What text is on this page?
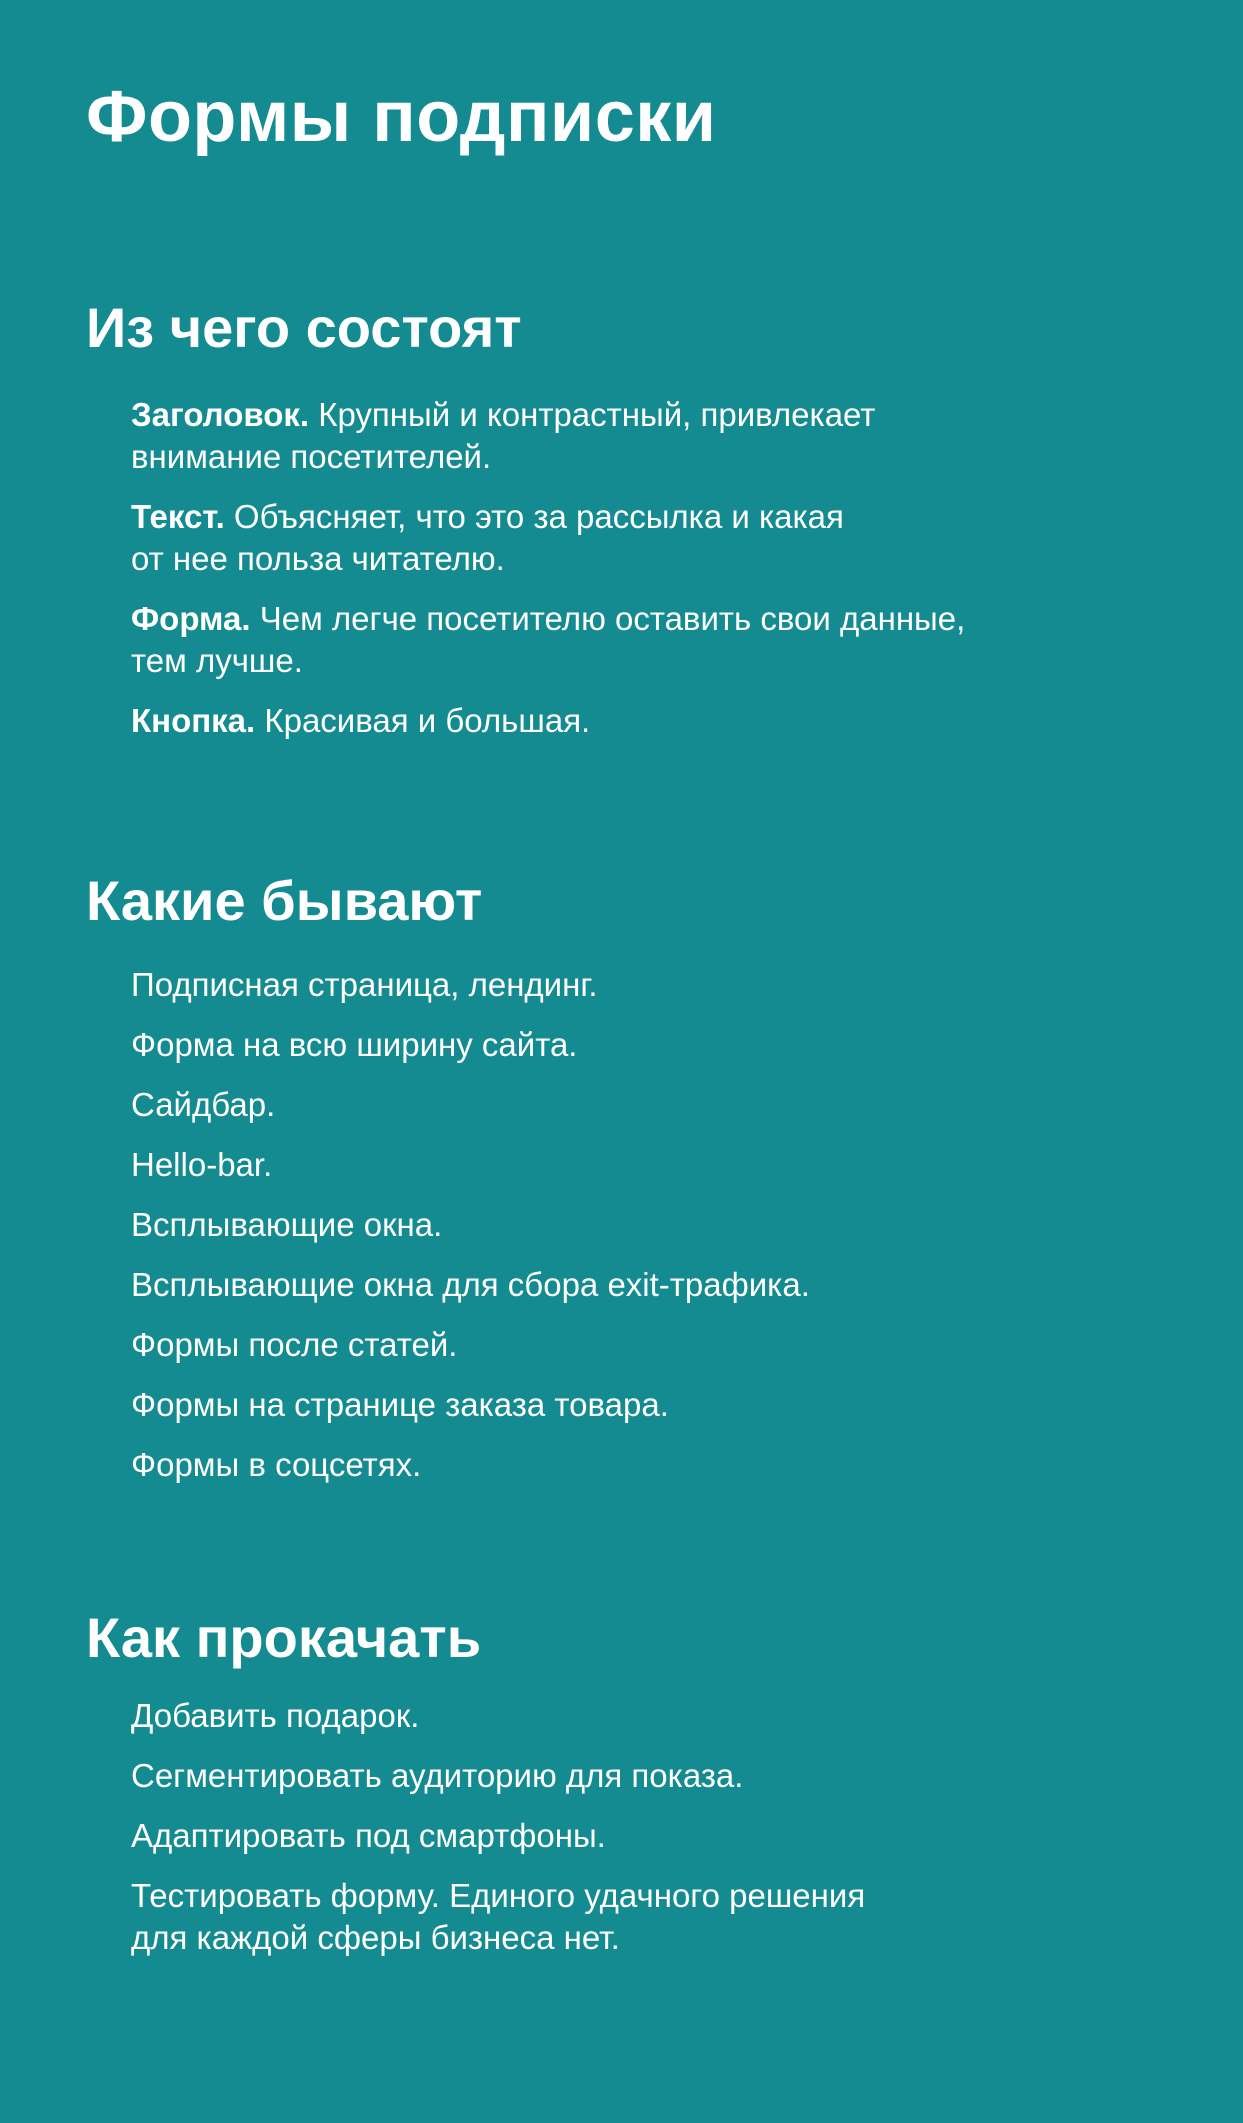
Формы подписки
Из чего состоят
Заголовок. Крупный и контрастный, привлекает
внимание посетителей.
Текст. Объясняет, что это за рассылка и какая
от нее польза читателю.
Форма. Чем легче посетителю оставить свои данные,
тем лучше.
Кнопка. Красивая и большая.
Какие бывают
Подписная страница, лендинг.
Форма на всю ширину сайта.
Сайдбар.
Hello-bar.
Всплывающие окна.
Всплывающие окна для сбора exit-трафика.
Формы после статей.
Формы на странице заказа товара.
Формы в соцсетях.
Как прокачать
Добавить подарок.
Сегментировать аудиторию для показа.
Адаптировать под смартфоны.
Тестировать форму. Единого удачного решения
для каждой сферы бизнеса нет.
